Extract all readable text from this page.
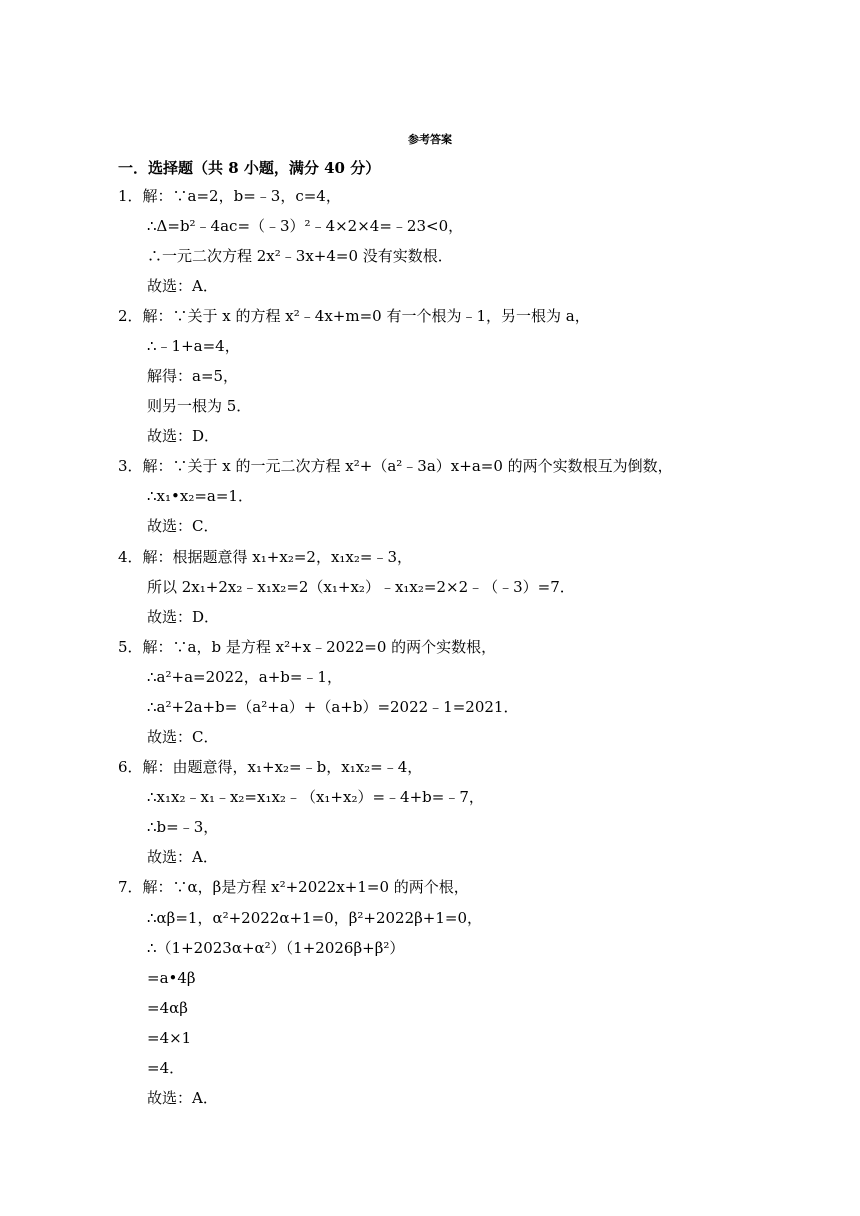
参考答案
一．选择题（共 8 小题，满分 40 分）
1．解：∵a=2，b=﹣3，c=4，
∴Δ=b²﹣4ac=（﹣3）²﹣4×2×4=﹣23<0，
∴一元二次方程 2x²﹣3x+4=0 没有实数根．
故选：A．
2．解：∵关于 x 的方程 x²﹣4x+m=0 有一个根为﹣1，另一根为 a，
∴﹣1+a=4，
解得：a=5，
则另一根为 5．
故选：D．
3．解：∵关于 x 的一元二次方程 x²+（a²﹣3a）x+a=0 的两个实数根互为倒数，
∴x₁•x₂=a=1．
故选：C．
4．解：根据题意得 x₁+x₂=2，x₁x₂=﹣3，
所以 2x₁+2x₂﹣x₁x₂=2（x₁+x₂）﹣x₁x₂=2×2﹣（﹣3）=7．
故选：D．
5．解：∵a，b 是方程 x²+x﹣2022=0 的两个实数根，
∴a²+a=2022，a+b=﹣1，
∴a²+2a+b=（a²+a）+（a+b）=2022﹣1=2021．
故选：C．
6．解：由题意得，x₁+x₂=﹣b，x₁x₂=﹣4，
∴x₁x₂﹣x₁﹣x₂=x₁x₂﹣（x₁+x₂）=﹣4+b=﹣7，
∴b=﹣3，
故选：A．
7．解：∵α，β是方程 x²+2022x+1=0 的两个根，
∴αβ=1，α²+2022α+1=0，β²+2022β+1=0，
∴（1+2023α+α²）（1+2026β+β²）
=a•4β
=4αβ
=4×1
=4．
故选：A．
